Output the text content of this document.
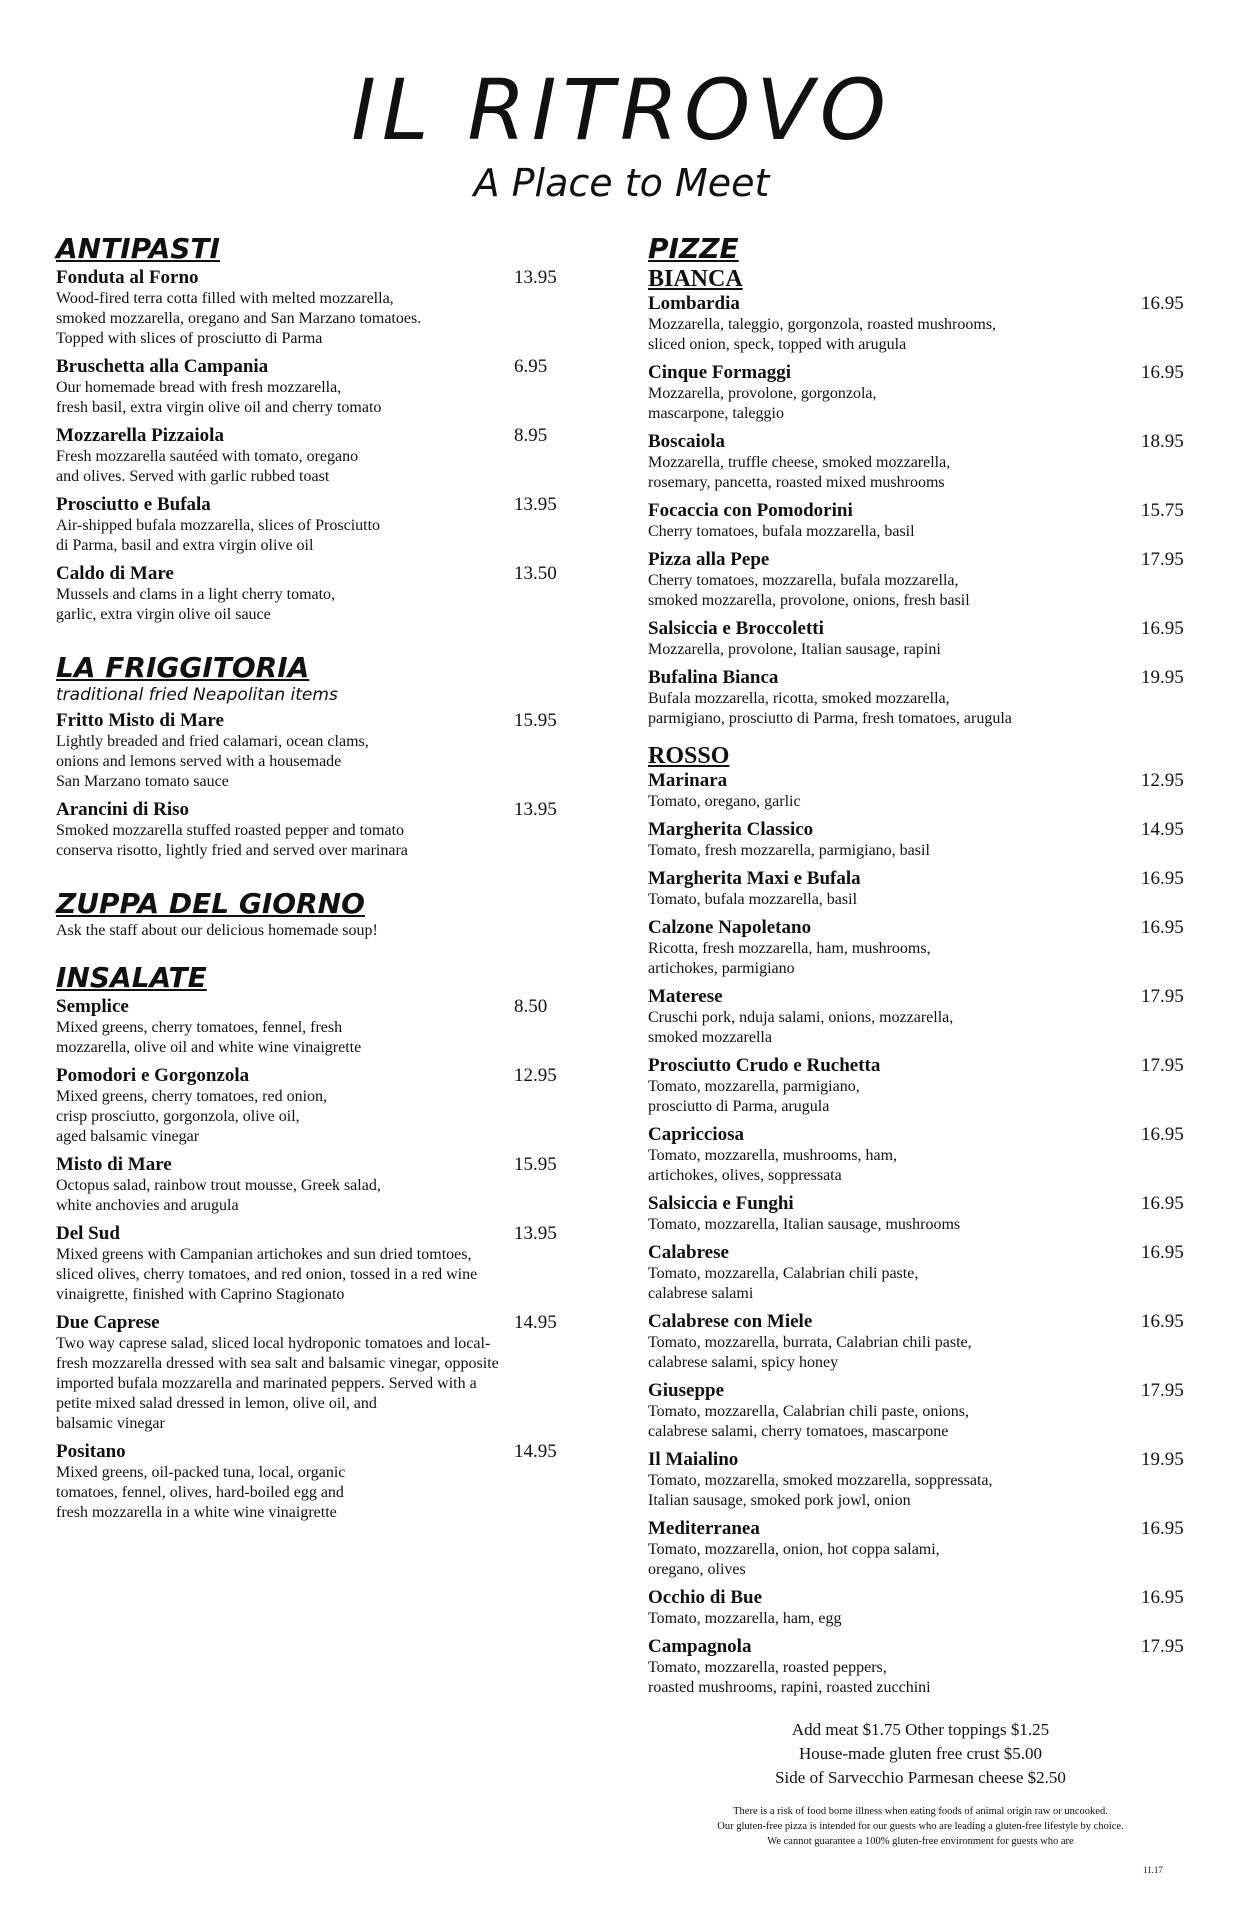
IL RITROVO
A Place to Meet
ANTIPASTI
Fonduta al Forno	13.95
Wood-fired terra cotta filled with melted mozzarella,
smoked mozzarella, oregano and San Marzano tomatoes.
Topped with slices of prosciutto di Parma
Bruschetta alla Campania	6.95
Our homemade bread with fresh mozzarella,
fresh basil, extra virgin olive oil and cherry tomato
Mozzarella Pizzaiola	8.95
Fresh mozzarella sautéed with tomato, oregano
and olives. Served with garlic rubbed toast
Prosciutto e Bufala	13.95
Air-shipped bufala mozzarella, slices of Prosciutto
di Parma, basil and extra virgin olive oil
Caldo di Mare	13.50
Mussels and clams in a light cherry tomato,
garlic, extra virgin olive oil sauce
LA FRIGGITORIA
traditional fried Neapolitan items
Fritto Misto di Mare	15.95
Lightly breaded and fried calamari, ocean clams,
onions and lemons served with a housemade
San Marzano tomato sauce
Arancini di Riso	13.95
Smoked mozzarella stuffed roasted pepper and tomato
conserva risotto, lightly fried and served over marinara
ZUPPA DEL GIORNO
Ask the staff about our delicious homemade soup!
INSALATE
Semplice	8.50
Mixed greens, cherry tomatoes, fennel, fresh
mozzarella, olive oil and white wine vinaigrette
Pomodori e Gorgonzola	12.95
Mixed greens, cherry tomatoes, red onion,
crisp prosciutto, gorgonzola, olive oil,
aged balsamic vinegar
Misto di Mare	15.95
Octopus salad, rainbow trout mousse, Greek salad,
white anchovies and arugula
Del Sud	13.95
Mixed greens with Campanian artichokes and sun dried tomtoes,
sliced olives, cherry tomatoes, and red onion, tossed in a red wine
vinaigrette, finished with Caprino Stagionato
Due Caprese	14.95
Two way caprese salad, sliced local hydroponic tomatoes and local-
fresh mozzarella dressed with sea salt and balsamic vinegar, opposite
imported bufala mozzarella and marinated peppers. Served with a
petite mixed salad dressed in lemon, olive oil, and
balsamic vinegar
Positano	14.95
Mixed greens, oil-packed tuna, local, organic
tomatoes, fennel, olives, hard-boiled egg and
fresh mozzarella in a white wine vinaigrette
PIZZE
BIANCA
Lombardia	16.95
Mozzarella, taleggio, gorgonzola, roasted mushrooms,
sliced onion, speck, topped with arugula
Cinque Formaggi	16.95
Mozzarella, provolone, gorgonzola,
mascarpone, taleggio
Boscaiola	18.95
Mozzarella, truffle cheese, smoked mozzarella,
rosemary, pancetta, roasted mixed mushrooms
Focaccia con Pomodorini	15.75
Cherry tomatoes, bufala mozzarella, basil
Pizza alla Pepe	17.95
Cherry tomatoes, mozzarella, bufala mozzarella,
smoked mozzarella, provolone, onions, fresh basil
Salsiccia e Broccoletti	16.95
Mozzarella, provolone, Italian sausage, rapini
Bufalina Bianca	19.95
Bufala mozzarella, ricotta, smoked mozzarella,
parmigiano, prosciutto di Parma, fresh tomatoes, arugula
ROSSO
Marinara	12.95
Tomato, oregano, garlic
Margherita Classico	14.95
Tomato, fresh mozzarella, parmigiano, basil
Margherita Maxi e Bufala	16.95
Tomato, bufala mozzarella, basil
Calzone Napoletano	16.95
Ricotta, fresh mozzarella, ham, mushrooms,
artichokes, parmigiano
Materese	17.95
Cruschi pork, nduja salami, onions, mozzarella,
smoked mozzarella
Prosciutto Crudo e Ruchetta	17.95
Tomato, mozzarella, parmigiano,
prosciutto di Parma, arugula
Capricciosa	16.95
Tomato, mozzarella, mushrooms, ham,
artichokes, olives, soppressata
Salsiccia e Funghi	16.95
Tomato, mozzarella, Italian sausage, mushrooms
Calabrese	16.95
Tomato, mozzarella, Calabrian chili paste,
calabrese salami
Calabrese con Miele	16.95
Tomato, mozzarella, burrata, Calabrian chili paste,
calabrese salami, spicy honey
Giuseppe	17.95
Tomato, mozzarella, Calabrian chili paste, onions,
calabrese salami, cherry tomatoes, mascarpone
Il Maialino	19.95
Tomato, mozzarella, smoked mozzarella, soppressata,
Italian sausage, smoked pork jowl, onion
Mediterranea	16.95
Tomato, mozzarella, onion, hot coppa salami,
oregano, olives
Occhio di Bue	16.95
Tomato, mozzarella, ham, egg
Campagnola	17.95
Tomato, mozzarella, roasted peppers,
roasted mushrooms, rapini, roasted zucchini
Add meat $1.75 Other toppings $1.25
House-made gluten free crust $5.00
Side of Sarvecchio Parmesan cheese $2.50
There is a risk of food borne illness when eating foods of animal origin raw or uncooked.
Our gluten-free pizza is intended for our guests who are leading a gluten-free lifestyle by choice.
We cannot guarantee a 100% gluten-free environment for guests who are
11.17
